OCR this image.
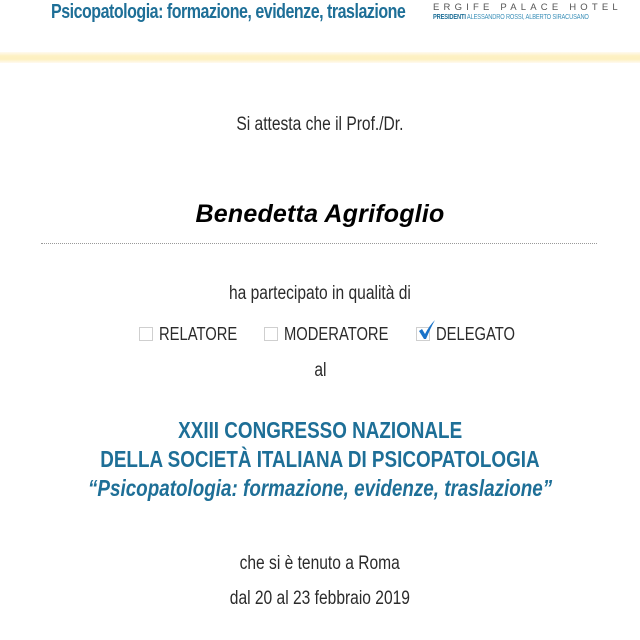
Psicopatologia: formazione, evidenze, traslazione	ERGIFE PALACE HOTEL
PRESIDENTI ALESSANDRO ROSSI, ALBERTO SIRACUSANO
Si attesta che il Prof./Dr.
Benedetta Agrifoglio
ha partecipato in qualità di
RELATORE	MODERATORE	DELEGATO
al
XXIII CONGRESSO NAZIONALE
DELLA SOCIETÀ ITALIANA DI PSICOPATOLOGIA
“Psicopatologia: formazione, evidenze, traslazione”
che si è tenuto a Roma
dal 20 al 23 febbraio 2019
